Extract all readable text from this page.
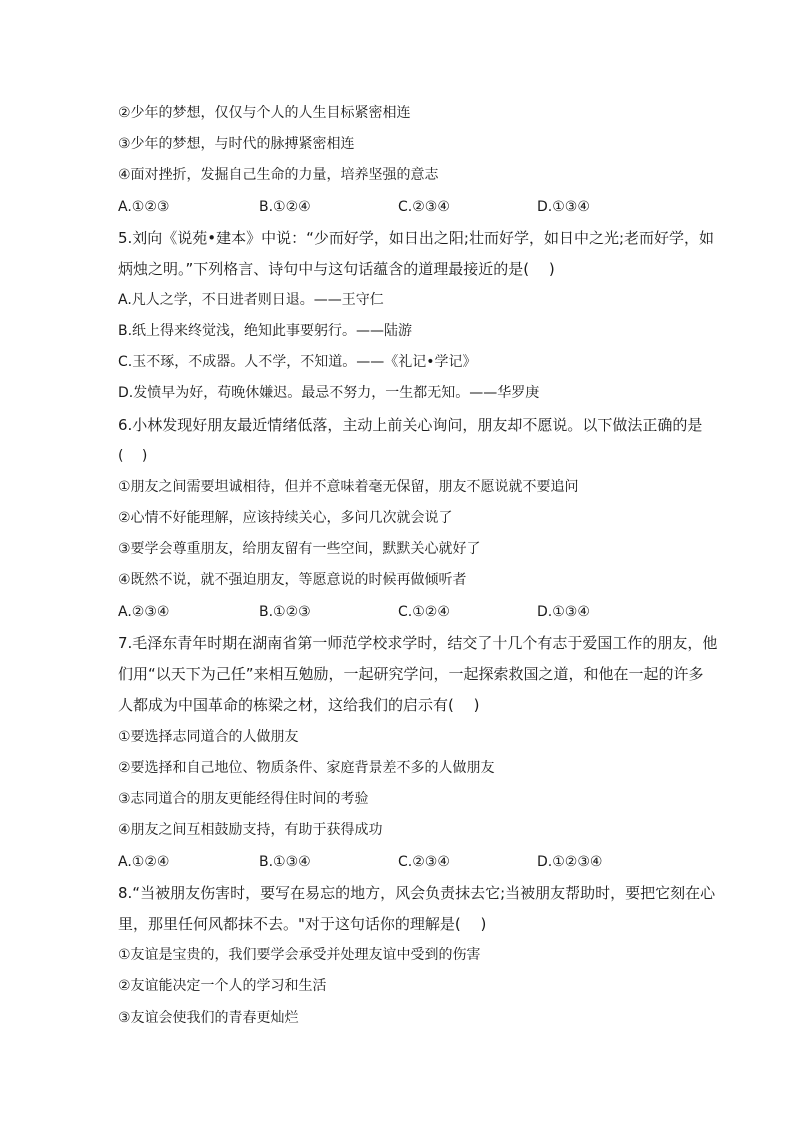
②少年的梦想，仅仅与个人的人生目标紧密相连
③少年的梦想，与时代的脉搏紧密相连
④面对挫折，发掘自己生命的力量，培养坚强的意志
A.①②③	B.①②④	C.②③④	D.①③④
5.刘向《说苑•建本》中说：“少而好学，如日出之阳;壮而好学，如日中之光;老而好学，如
炳烛之明。”下列格言、诗句中与这句话蕴含的道理最接近的是(　 )
A.凡人之学，不日进者则日退。——王守仁
B.纸上得来终觉浅，绝知此事要躬行。——陆游
C.玉不琢，不成器。人不学，不知道。——《礼记•学记》
D.发愤早为好，苟晚休嫌迟。最忌不努力，一生都无知。——华罗庚
6.小林发现好朋友最近情绪低落，主动上前关心询问，朋友却不愿说。以下做法正确的是
(　 )
①朋友之间需要坦诚相待，但并不意味着毫无保留，朋友不愿说就不要追问
②心情不好能理解，应该持续关心，多问几次就会说了
③要学会尊重朋友，给朋友留有一些空间，默默关心就好了
④既然不说，就不强迫朋友，等愿意说的时候再做倾听者
A.②③④	B.①②③	C.①②④	D.①③④
7.毛泽东青年时期在湖南省第一师范学校求学时，结交了十几个有志于爱国工作的朋友，他
们用“以天下为己任”来相互勉励，一起研究学问，一起探索救国之道，和他在一起的许多
人都成为中国革命的栋梁之材，这给我们的启示有(　 )
①要选择志同道合的人做朋友
②要选择和自己地位、物质条件、家庭背景差不多的人做朋友
③志同道合的朋友更能经得住时间的考验
④朋友之间互相鼓励支持，有助于获得成功
A.①②④	B.①③④	C.②③④	D.①②③④
8.“当被朋友伤害时，要写在易忘的地方，风会负责抹去它;当被朋友帮助时，要把它刻在心
里，那里任何风都抹不去。"对于这句话你的理解是(　 )
①友谊是宝贵的，我们要学会承受并处理友谊中受到的伤害
②友谊能决定一个人的学习和生活
③友谊会使我们的青春更灿烂
